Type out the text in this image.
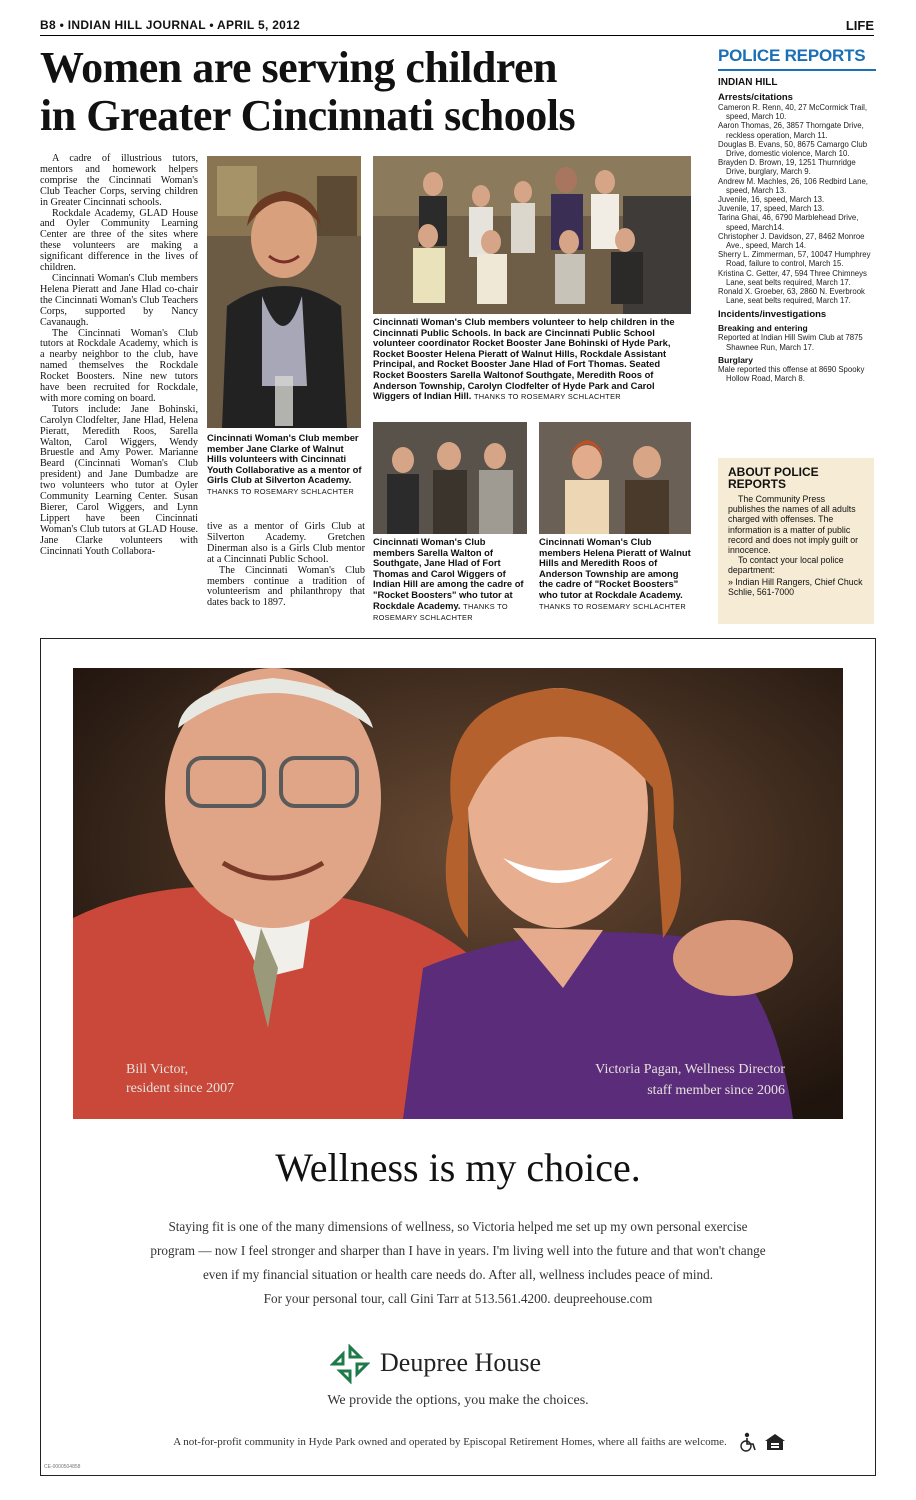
B8 • INDIAN HILL JOURNAL • APRIL 5, 2012	LIFE
Women are serving children
in Greater Cincinnati schools

A cadre of illustrious tutors, mentors and homework helpers comprise the Cincinnati Woman's Club Teacher Corps, serving children in Greater Cincinnati schools.

Rockdale Academy, GLAD House and Oyler Community Learning Center are three of the sites where these volunteers are making a significant difference in the lives of children.

Cincinnati Woman's Club members Helena Pieratt and Jane Hlad co-chair the Cincinnati Woman's Club Teachers Corps, supported by Nancy Cavanaugh.

The Cincinnati Woman's Club tutors at Rockdale Academy, which is a nearby neighbor to the club, have named themselves the Rockdale Rocket Boosters. Nine new tutors have been recruited for Rockdale, with more coming on board.

Tutors include: Jane Bohinski, Carolyn Clodfelter, Jane Hlad, Helena Pieratt, Meredith Roos, Sarella Walton, Carol Wiggers, Wendy Bruestle and Amy Power. Marianne Beard (Cincinnati Woman's Club president) and Jane Dumbadze are two volunteers who tutor at Oyler Community Learning Center. Susan Bierer, Carol Wiggers, and Lynn Lippert have been Cincinnati Woman's Club tutors at GLAD House. Jane Clarke volunteers with Cincinnati Youth Collabora-

Cincinnati Woman's Club member member Jane Clarke of Walnut Hills volunteers with Cincinnati Youth Collaborative as a mentor of Girls Club at Silverton Academy. THANKS TO ROSEMARY SCHLACHTER

tive as a mentor of Girls Club at Silverton Academy. Gretchen Dinerman also is a Girls Club mentor at a Cincinnati Public School.

The Cincinnati Woman's Club members continue a tradition of volunteerism and philanthropy that dates back to 1897.

Cincinnati Woman's Club members volunteer to help children in the Cincinnati Public Schools. In back are Cincinnati Public School volunteer coordinator Rocket Booster Jane Bohinski of Hyde Park, Rocket Booster Helena Pieratt of Walnut Hills, Rockdale Assistant Principal, and Rocket Booster Jane Hlad of Fort Thomas. Seated Rocket Boosters Sarella Waltonof Southgate, Meredith Roos of Anderson Township, Carolyn Clodfelter of Hyde Park and Carol Wiggers of Indian Hill. THANKS TO ROSEMARY SCHLACHTER
Cincinnati Woman's Club members Sarella Walton of Southgate, Jane Hlad of Fort Thomas and Carol Wiggers of Indian Hill are among the cadre of "Rocket Boosters" who tutor at Rockdale Academy. THANKS TO ROSEMARY SCHLACHTER
Cincinnati Woman's Club members Helena Pieratt of Walnut Hills and Meredith Roos of Anderson Township are among the cadre of "Rocket Boosters" who tutor at Rockdale Academy. THANKS TO ROSEMARY SCHLACHTER
POLICE REPORTS
INDIAN HILL
Arrests/citations
Cameron R. Renn, 40, 27 McCormick Trail, speed, March 10.
Aaron Thomas, 26, 3857 Thorngate Drive, reckless operation, March 11.
Douglas B. Evans, 50, 8675 Camargo Club Drive, domestic violence, March 10.
Brayden D. Brown, 19, 1251 Thurnridge Drive, burglary, March 9.
Andrew M. Machles, 26, 106 Redbird Lane, speed, March 13.
Juvenile, 16, speed, March 13.
Juvenile, 17, speed, March 13.
Tarina Ghai, 46, 6790 Marblehead Drive, speed, March14.
Christopher J. Davidson, 27, 8462 Monroe Ave., speed, March 14.
Sherry L. Zimmerman, 57, 10047 Humphrey Road, failure to control, March 15.
Kristina C. Getter, 47, 594 Three Chimneys Lane, seat belts required, March 17.
Ronald X. Groeber, 63, 2860 N. Everbrook Lane, seat belts required, March 17.
Incidents/investigations
Breaking and entering
Reported at Indian Hill Swim Club at 7875 Shawnee Run, March 17.
Burglary
Male reported this offense at 8690 Spooky Hollow Road, March 8.
ABOUT POLICE REPORTS

The Community Press publishes the names of all adults charged with offenses. The information is a matter of public record and does not imply guilt or innocence.

To contact your local police department:

» Indian Hill Rangers, Chief Chuck Schlie, 561-7000
Bill Victor,
resident since 2007
Victoria Pagan, Wellness Director
staff member since 2006
Wellness is my choice.
Staying fit is one of the many dimensions of wellness, so Victoria helped me set up my own personal exercise
program — now I feel stronger and sharper than I have in years. I'm living well into the future and that won't change
even if my financial situation or health care needs do. After all, wellness includes peace of mind.
For your personal tour, call Gini Tarr at 513.561.4200. deupreehouse.com
Deupree House
We provide the options, you make the choices.
A not-for-profit community in Hyde Park owned and operated by Episcopal Retirement Homes, where all faiths are welcome.
CE-0000504858
